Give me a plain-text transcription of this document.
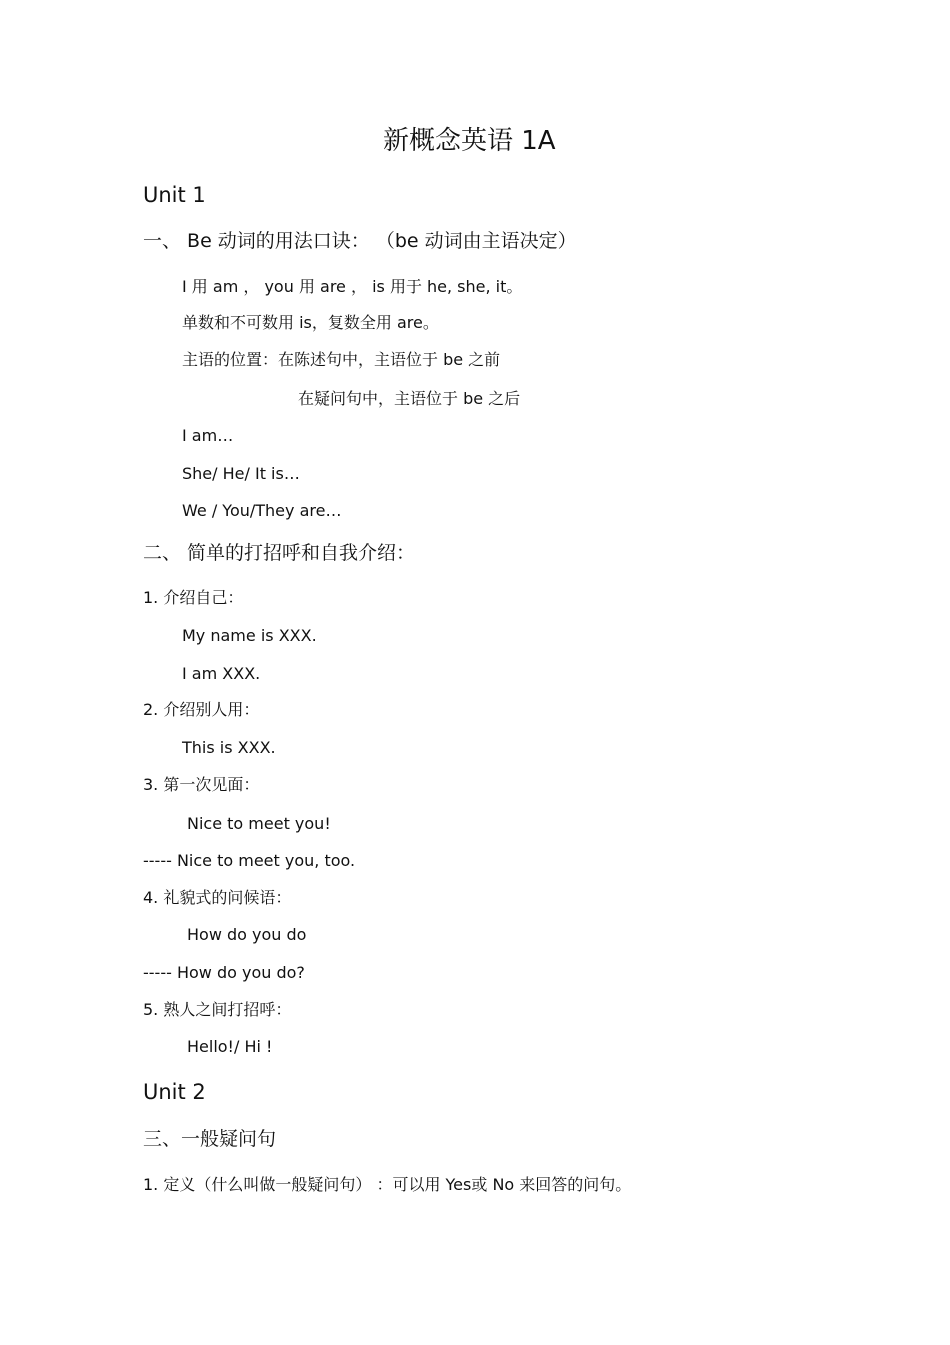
新概念英语 1A
Unit 1
一、 Be 动词的用法口诀： （be 动词由主语决定）
I 用 am ， you 用 are ， is 用于 he, she, it。
单数和不可数用 is，复数全用 are。
主语的位置：在陈述句中，主语位于 be 之前
在疑问句中，主语位于 be 之后
I am…
She/ He/ It is…
We / You/They are…
二、 简单的打招呼和自我介绍：
1. 介绍自己：
My name is XXX.
I am XXX.
2. 介绍别人用：
This is XXX.
3. 第一次见面：
Nice to meet you!
----- Nice to meet you, too.
4. 礼貌式的问候语：
How do you do
----- How do you do?
5. 熟人之间打招呼：
Hello!/ Hi !
Unit 2
三、一般疑问句
1. 定义（什么叫做一般疑问句） ：可以用 Yes或 No 来回答的问句。
